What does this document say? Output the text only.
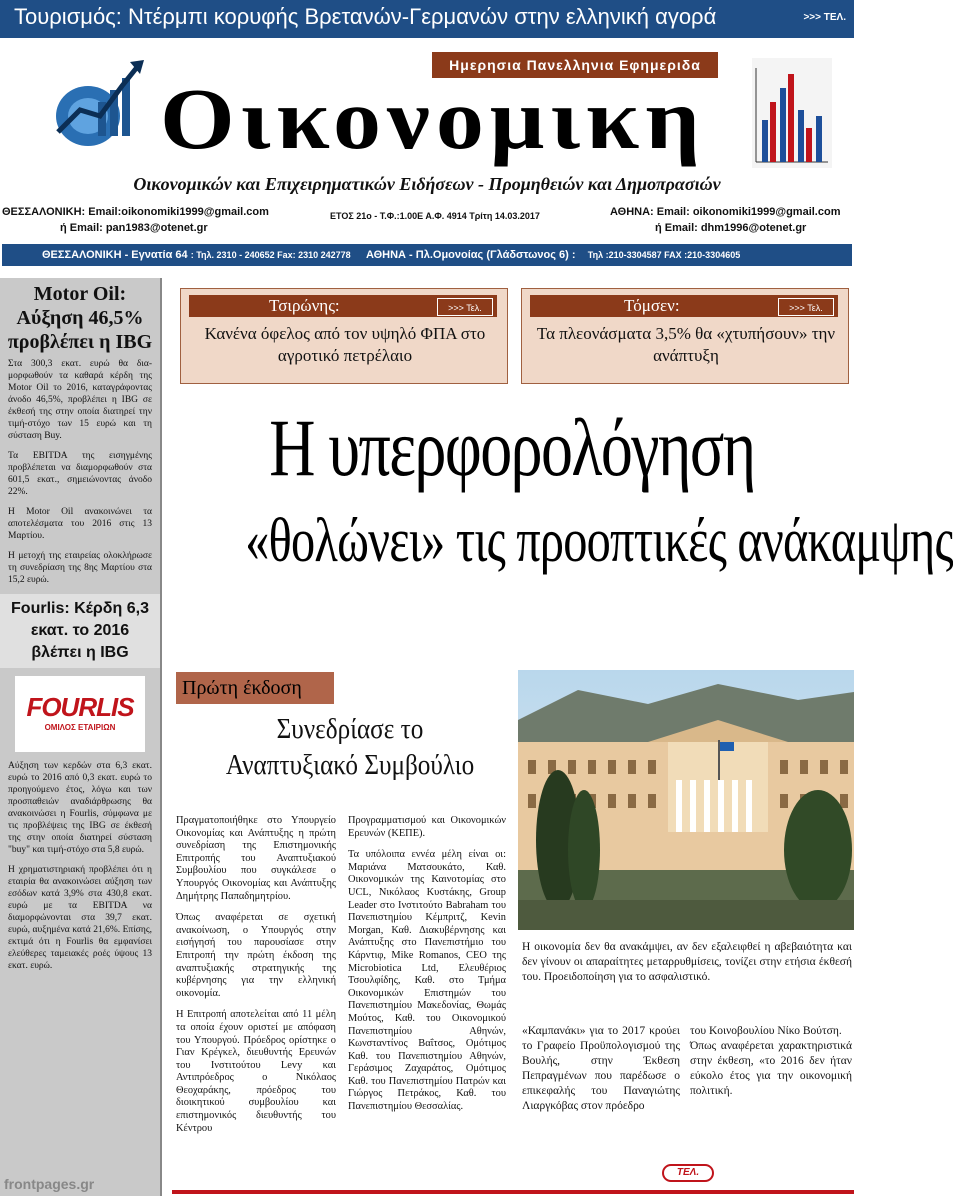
Τουρισμός: Ντέρμπι κορυφής Βρετανών-Γερμανών στην ελληνική αγορά	>>> ΤΕΛ.
Ημερησια Πανελληνια Εφημεριδα
Οικονομικη
Οικονομικών και Επιχειρηματικών Ειδήσεων - Προμηθειών και Δημοπρασιών
ΘΕΣΣΑΛΟΝΙΚΗ: Email:oikonomiki1999@gmail.com
ή Email: pan1983@otenet.gr
ΕΤΟΣ 21ο - Τ.Φ.:1.00Ε Α.Φ. 4914 Τρίτη 14.03.2017	ΑΘΗΝΑ: Email: oikonomiki1999@gmail.com
ή Email: dhm1996@otenet.gr
ΘΕΣΣΑΛΟΝΙΚΗ - Εγνατία 64 : Τηλ. 2310 - 240652 Fax: 2310 242778 ΑΘΗΝΑ - Πλ.Ομονοίας (Γλάδστωνος 6) : Τηλ :210-3304587 FAX :210-3304605
Motor Oil: Αύξηση 46,5% προβλέπει η IBG

Στα 300,3 εκατ. ευρώ θα δια-μορφωθούν τα καθαρά κέρδη της Motor Oil το 2016, καταγράφοντας άνοδο 46,5%, προβλέπει η IBG σε έκθεσή της στην οποία διατηρεί την τιμή-στόχο των 15 ευρώ και τη σύσταση Buy.

Τα EBITDA της εισηγμένης προβλέπεται να διαμορφωθούν στα 601,5 εκατ., σημειώνοντας άνοδο 22%.

Η Motor Oil ανακοινώνει τα αποτελέσματα του 2016 στις 13 Μαρτίου.

Η μετοχή της εταιρείας ολοκλήρωσε τη συνεδρίαση της 8ης Μαρτίου στα 15,2 ευρώ.

Fourlis: Κέρδη 6,3 εκατ. το 2016 βλέπει η IBG
FOURLIS
ΟΜΙΛΟΣ ΕΤΑΙΡΙΩΝ

Αύξηση των κερδών στα 6,3 εκατ. ευρώ το 2016 από 0,3 εκατ. ευρώ το προηγούμενο έτος, λόγω και των προσπαθειών αναδιάρθρωσης θα ανακοινώσει η Fourlis, σύμφωνα με τις προβλέψεις της IBG σε έκθεσή της στην οποία διατηρεί σύσταση "buy" και τιμή-στόχο στα 5,8 ευρώ.

Η χρηματιστηριακή προβλέπει ότι η εταιρία θα ανακοινώσει αύξηση των εσόδων κατά 3,9% στα 430,8 εκατ. ευρώ με τα EBITDA να διαμορφώνονται στα 39,7 εκατ. ευρώ, αυξημένα κατά 21,6%. Επίσης, εκτιμά ότι η Fourlis θα εμφανίσει ελεύθερες ταμειακές ροές ύψους 13 εκατ. ευρώ.

frontpages.gr
Τσιρώνης:	>>> Τελ.
Κανένα όφελος από τον υψηλό ΦΠΑ στο αγροτικό πετρέλαιο
Τόμσεν:	>>> Τελ.
Τα πλεονάσματα 3,5% θα «χτυπήσουν» την ανάπτυξη
Η υπερφορολόγηση
«θολώνει» τις προοπτικές ανάκαμψης
Πρώτη έκδοση
Συνεδρίασε το Αναπτυξιακό Συμβούλιο

Πραγματοποιήθηκε στο Υπουργείο Οικονομίας και Ανάπτυξης η πρώτη συνεδρίαση της Επιστημονικής Επιτροπής του Αναπτυξιακού Συμβουλίου που συγκάλεσε ο Υπουργός Οικονομίας και Ανάπτυξης Δημήτρης Παπαδημητρίου.

Όπως αναφέρεται σε σχετική ανακοίνωση, ο Υπουργός στην εισήγησή του παρουσίασε στην Επιτροπή την πρώτη έκδοση της αναπτυξιακής στρατηγικής της κυβέρνησης για την ελληνική οικονομία.

Η Επιτροπή αποτελείται από 11 μέλη τα οποία έχουν οριστεί με απόφαση του Υπουργού. Πρόεδρος ορίστηκε ο Γιαν Κρέγκελ, διευθυντής Ερευνών του Ινστιτούτου Levy και Αντιπρόεδρος ο Νικόλαος Θεοχαράκης, πρόεδρος του διοικητικού συμβουλίου και επιστημονικός διευθυντής του Κέντρου

Προγραμματισμού και Οικονομικών Ερευνών (ΚΕΠΕ).

Τα υπόλοιπα εννέα μέλη είναι οι: Μαριάνα Ματσουκάτο, Καθ. Οικονομικών της Καινοτομίας στο UCL, Νικόλαος Κυστάκης, Group Leader στο Ινστιτούτο Babraham του Πανεπιστημίου Κέμπριτζ, Kevin Morgan, Καθ. Διακυβέρνησης και Ανάπτυξης στο Πανεπιστήμιο του Κάρντιφ, Mike Romanos, CEO της Microbiotica Ltd, Ελευθέριος Τσουλφίδης, Καθ. στο Τμήμα Οικονομικών Επιστημών του Πανεπιστημίου Μακεδονίας, Θωμάς Μούτος, Καθ. του Οικονομικού Πανεπιστημίου Αθηνών, Κωνσταντίνος Βαΐτσος, Ομότιμος Καθ. του Πανεπιστημίου Αθηνών, Γεράσιμος Ζαχαράτος, Ομότιμος Καθ. του Πανεπιστημίου Πατρών και Γιώργος Πετράκος, Καθ. του Πανεπιστημίου Θεσσαλίας.

Η οικονομία δεν θα ανακάμψει, αν δεν εξαλειφθεί η αβεβαιότητα και δεν γίνουν οι απαραίτητες μεταρρυθμίσεις, τονίζει στην ετήσια έκθεσή του. Προειδοποίηση για το ασφαλιστικό.

«Καμπανάκι» για το 2017 κρούει το Γραφείο Προϋπολογισμού της Βουλής, στην Έκθεση Πεπραγμένων που παρέδωσε ο επικεφαλής του Παναγιώτης Λιαργκόβας στον πρόεδρο

του Κοινοβουλίου Νίκο Βούτση.

Όπως αναφέρεται χαρακτηριστικά στην έκθεση, «το 2016 δεν ήταν εύκολο έτος για την οικονομική πολιτική.

ΤΕΛ.
